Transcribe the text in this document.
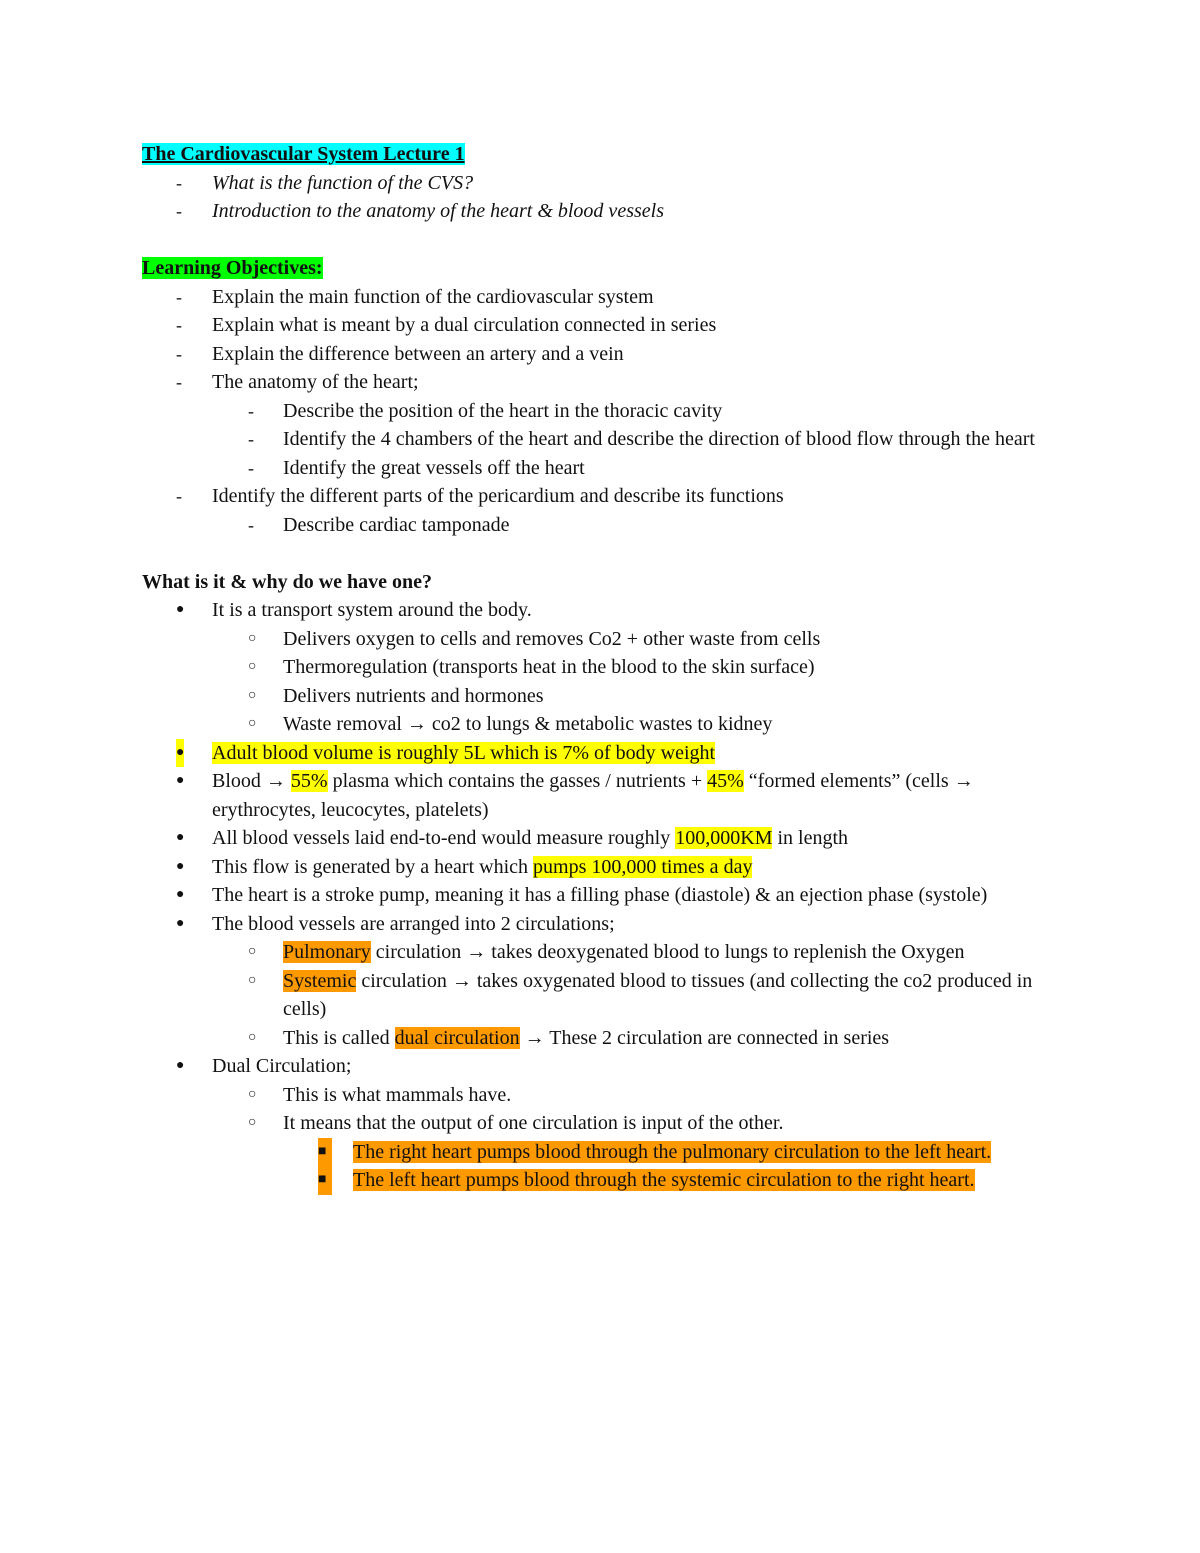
The Cardiovascular System Lecture 1
- What is the function of the CVS?
- Introduction to the anatomy of the heart & blood vessels
Learning Objectives:
- Explain the main function of the cardiovascular system
- Explain what is meant by a dual circulation connected in series
- Explain the difference between an artery and a vein
- The anatomy of the heart;
- Describe the position of the heart in the thoracic cavity
- Identify the 4 chambers of the heart and describe the direction of blood flow through the heart
- Identify the great vessels off the heart
- Identify the different parts of the pericardium and describe its functions
- Describe cardiac tamponade
What is it & why do we have one?
● It is a transport system around the body.
○ Delivers oxygen to cells and removes Co2 + other waste from cells
○ Thermoregulation (transports heat in the blood to the skin surface)
○ Delivers nutrients and hormones
○ Waste removal → co2 to lungs & metabolic wastes to kidney
● Adult blood volume is roughly 5L which is 7% of body weight
● Blood → 55% plasma which contains the gasses / nutrients + 45% “formed elements” (cells → erythrocytes, leucocytes, platelets)
● All blood vessels laid end-to-end would measure roughly 100,000KM in length
● This flow is generated by a heart which pumps 100,000 times a day
● The heart is a stroke pump, meaning it has a filling phase (diastole) & an ejection phase (systole)
● The blood vessels are arranged into 2 circulations;
○ Pulmonary circulation → takes deoxygenated blood to lungs to replenish the Oxygen
○ Systemic circulation → takes oxygenated blood to tissues (and collecting the co2 produced in cells)
○ This is called dual circulation → These 2 circulation are connected in series
● Dual Circulation;
○ This is what mammals have.
○ It means that the output of one circulation is input of the other.
■	The right heart pumps blood through the pulmonary circulation to the left heart.
■	The left heart pumps blood through the systemic circulation to the right heart.
